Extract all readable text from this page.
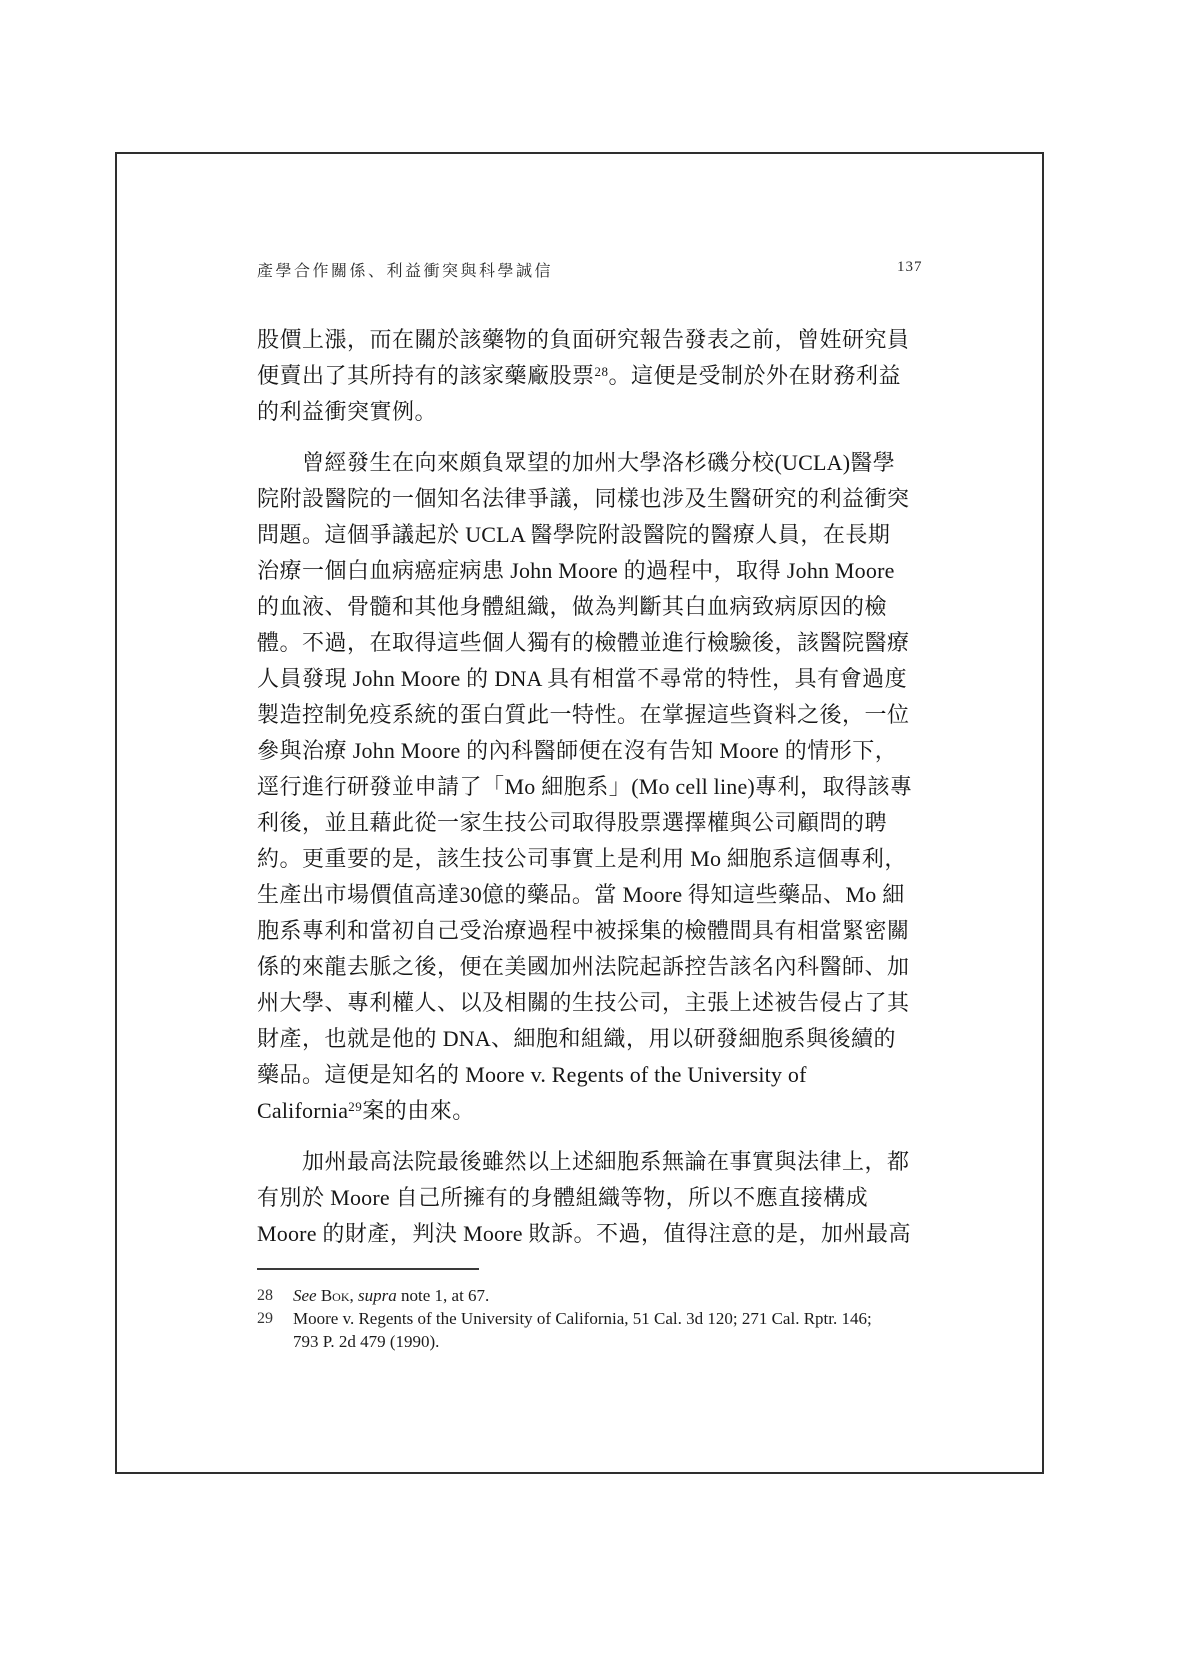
產學合作關係、利益衝突與科學誠信	137
股價上漲，而在關於該藥物的負面研究報告發表之前，曾姓研究員
便賣出了其所持有的該家藥廠股票$^{28}$。這便是受制於外在財務利益
的利益衝突實例。
曾經發生在向來頗負眾望的加州大學洛杉磯分校(UCLA)醫學
院附設醫院的一個知名法律爭議，同樣也涉及生醫研究的利益衝突
問題。這個爭議起於 UCLA 醫學院附設醫院的醫療人員，在長期
治療一個白血病癌症病患 John Moore 的過程中，取得 John Moore
的血液、骨髓和其他身體組織，做為判斷其白血病致病原因的檢
體。不過，在取得這些個人獨有的檢體並進行檢驗後，該醫院醫療
人員發現 John Moore 的 DNA 具有相當不尋常的特性，具有會過度
製造控制免疫系統的蛋白質此一特性。在掌握這些資料之後，一位
參與治療 John Moore 的內科醫師便在沒有告知 Moore 的情形下，
逕行進行研發並申請了「Mo 細胞系」(Mo cell line)專利，取得該專
利後，並且藉此從一家生技公司取得股票選擇權與公司顧問的聘
約。更重要的是，該生技公司事實上是利用 Mo 細胞系這個專利，
生產出市場價值高達30億的藥品。當 Moore 得知這些藥品、Mo 細
胞系專利和當初自己受治療過程中被採集的檢體間具有相當緊密關
係的來龍去脈之後，便在美國加州法院起訴控告該名內科醫師、加
州大學、專利權人、以及相關的生技公司，主張上述被告侵占了其
財產，也就是他的 DNA、細胞和組織，用以研發細胞系與後續的
藥品。這便是知名的 Moore v. Regents of the University of
California$^{29}$案的由來。
加州最高法院最後雖然以上述細胞系無論在事實與法律上，都
有別於 Moore 自己所擁有的身體組織等物，所以不應直接構成
Moore 的財產，判決 Moore 敗訴。不過，值得注意的是，加州最高
28	See Bok, supra note 1, at 67.
29	Moore v. Regents of the University of California, 51 Cal. 3d 120; 271 Cal. Rptr. 146;
793 P. 2d 479 (1990).
